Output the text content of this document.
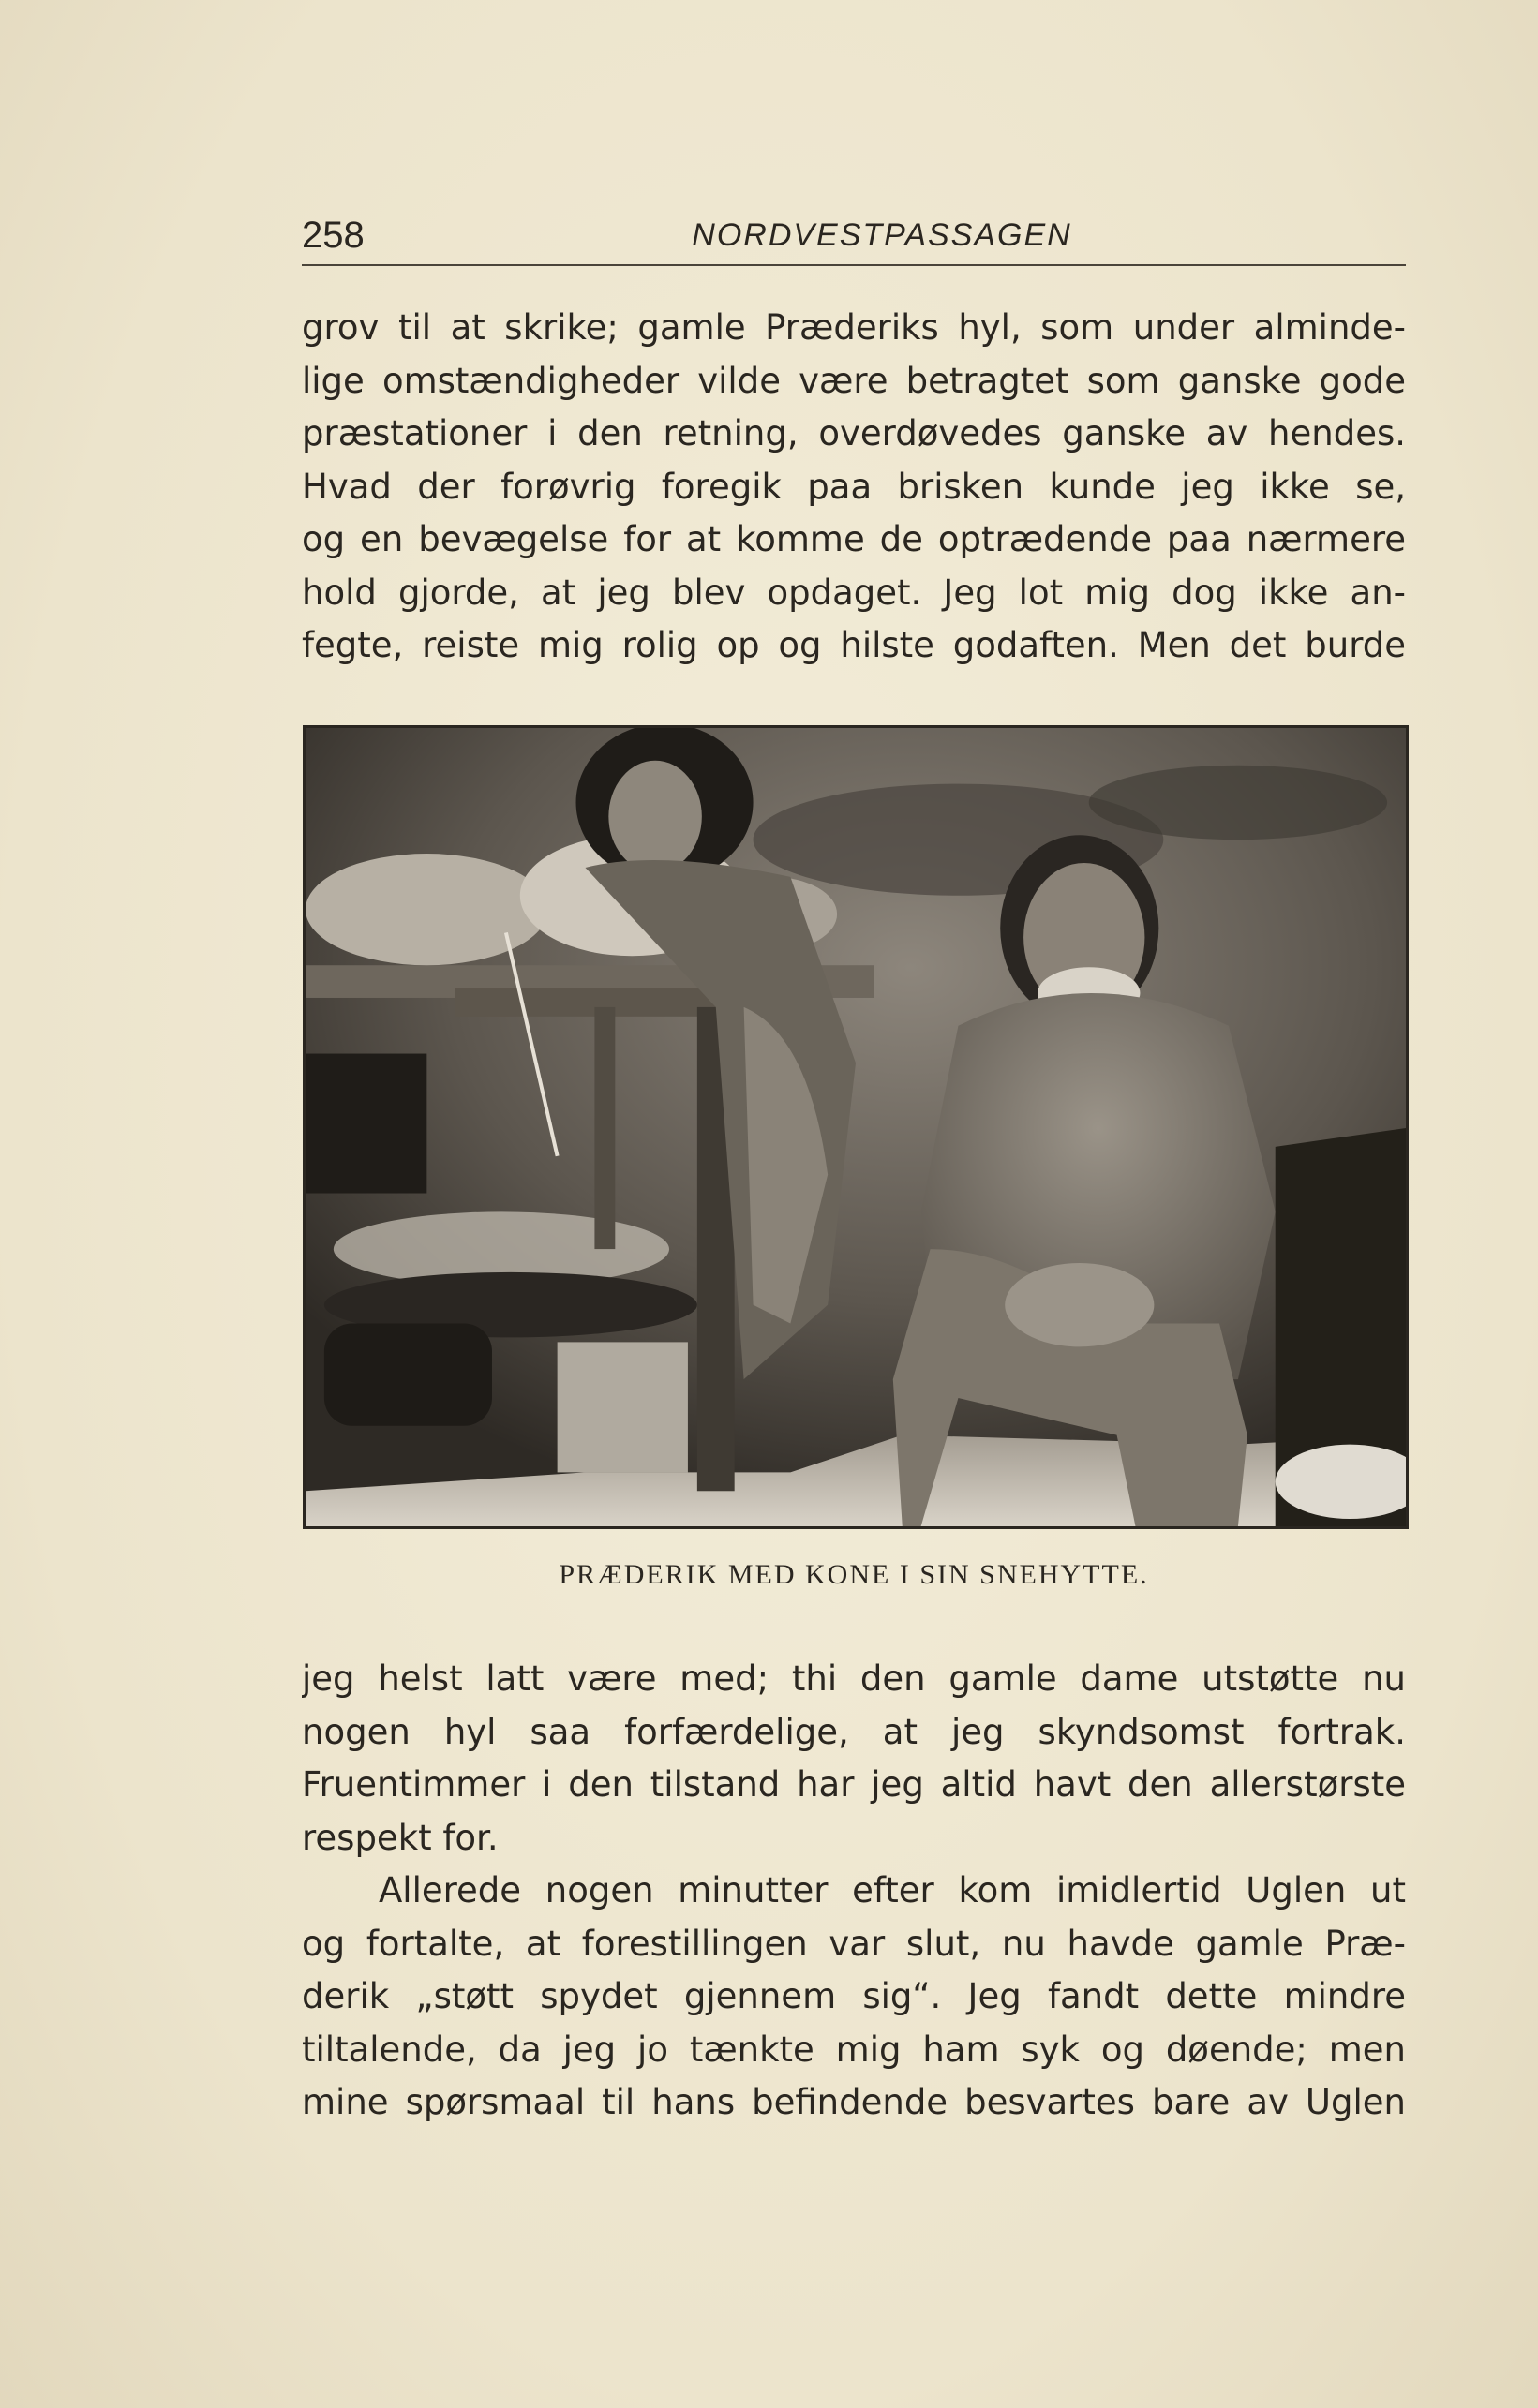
258	NORDVESTPASSAGEN
grov til at skrike; gamle Præderiks hyl, som under alminde-
lige omstændigheder vilde være betragtet som ganske gode
præstationer i den retning, overdøvedes ganske av hendes.
Hvad der forøvrig foregik paa brisken kunde jeg ikke se,
og en bevægelse for at komme de optrædende paa nærmere
hold gjorde, at jeg blev opdaget. Jeg lot mig dog ikke an-
fegte, reiste mig rolig op og hilste godaften. Men det burde
PRÆDERIK MED KONE I SIN SNEHYTTE.
jeg helst latt være med; thi den gamle dame utstøtte nu
nogen hyl saa forfærdelige, at jeg skyndsomst fortrak.
Fruentimmer i den tilstand har jeg altid havt den allerstørste
respekt for.
Allerede nogen minutter efter kom imidlertid Uglen ut
og fortalte, at forestillingen var slut, nu havde gamle Præ-
derik „støtt spydet gjennem sig“. Jeg fandt dette mindre
tiltalende, da jeg jo tænkte mig ham syk og døende; men
mine spørsmaal til hans befindende besvartes bare av Uglen
